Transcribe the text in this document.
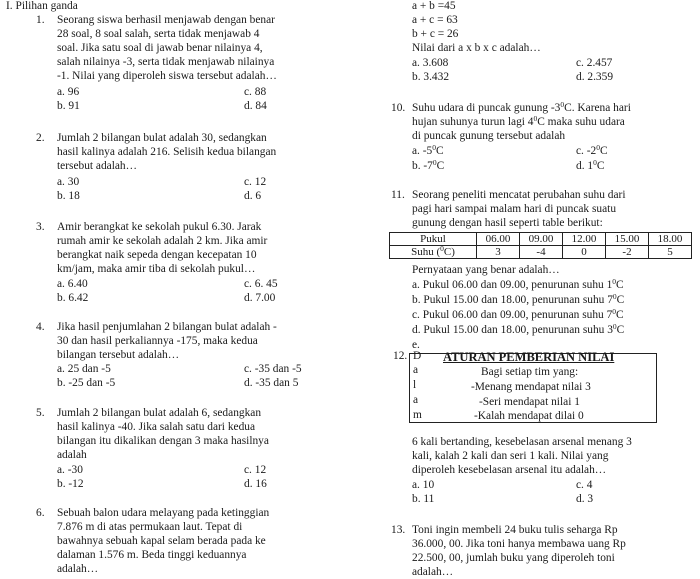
I. Pilihan ganda
1. Seorang siswa berhasil menjawab dengan benar
28 soal, 8 soal salah, serta tidak menjawab 4
soal. Jika satu soal di jawab benar nilainya 4,
salah nilainya -3, serta tidak menjawab nilainya
-1. Nilai yang diperoleh siswa tersebut adalah…
a. 96	c. 88
b. 91	d. 84
2. Jumlah 2 bilangan bulat adalah 30, sedangkan
hasil kalinya adalah 216. Selisih kedua bilangan
tersebut adalah…
a. 30	c. 12
b. 18	d. 6
3. Amir berangkat ke sekolah pukul 6.30. Jarak
rumah amir ke sekolah adalah 2 km. Jika amir
berangkat naik sepeda dengan kecepatan 10
km/jam, maka amir tiba di sekolah pukul…
a. 6.40	c. 6. 45
b. 6.42	d. 7.00
4. Jika hasil penjumlahan 2 bilangan bulat adalah -
30 dan hasil perkaliannya -175, maka kedua
bilangan tersebut adalah…
a. 25 dan -5	c. -35 dan -5
b. -25 dan -5	d. -35 dan 5
5. Jumlah 2 bilangan bulat adalah 6, sedangkan
hasil kalinya -40. Jika salah satu dari kedua
bilangan itu dikalikan dengan 3 maka hasilnya
adalah
a. -30	c. 12
b. -12	d. 16
6. Sebuah balon udara melayang pada ketinggian
7.876 m di atas permukaan laut. Tepat di
bawahnya sebuah kapal selam berada pada ke
dalaman 1.576 m. Beda tinggi keduannya
adalah…
a + b =45
a + c = 63
b + c = 26
Nilai dari a x b x c adalah…
a. 3.608	c. 2.457
b. 3.432	d. 2.359
10. Suhu udara di puncak gunung $-3^0C$. Karena hari
hujan suhunya turun lagi $4^0C$ maka suhu udara
di puncak gunung tersebut adalah
a. $-5^0C$	c. $-2^0C$
b. $-7^0C$	d. $1^0C$
11. Seorang peneliti mencatat perubahan suhu dari
pagi hari sampai malam hari di puncak suatu
gunung dengan hasil seperti table berikut:
Pukul	06.00	09.00	12.00	15.00	18.00
Suhu ($^0$C)	3	-4	0	-2	5
Pernyataan yang benar adalah…
a. Pukul 06.00 dan 09.00, penurunan suhu $1^0C$
b. Pukul 15.00 dan 18.00, penurunan suhu $7^0C$
c. Pukul 06.00 dan 09.00, penurunan suhu $7^0C$
d. Pukul 15.00 dan 18.00, penurunan suhu $3^0C$
e.
12. D
a
l
a
m
ATURAN PEMBERIAN NILAI
Bagi setiap tim yang:
-Menang mendapat nilai 3
-Seri mendapat nilai 1
-Kalah mendapat dilai 0
6 kali bertanding, kesebelasan arsenal menang 3
kali, kalah 2 kali dan seri 1 kali. Nilai yang
diperoleh kesebelasan arsenal itu adalah…
a. 10	c. 4
b. 11	d. 3
13. Toni ingin membeli 24 buku tulis seharga Rp
36.000, 00. Jika toni hanya membawa uang Rp
22.500, 00, jumlah buku yang diperoleh toni
adalah…
